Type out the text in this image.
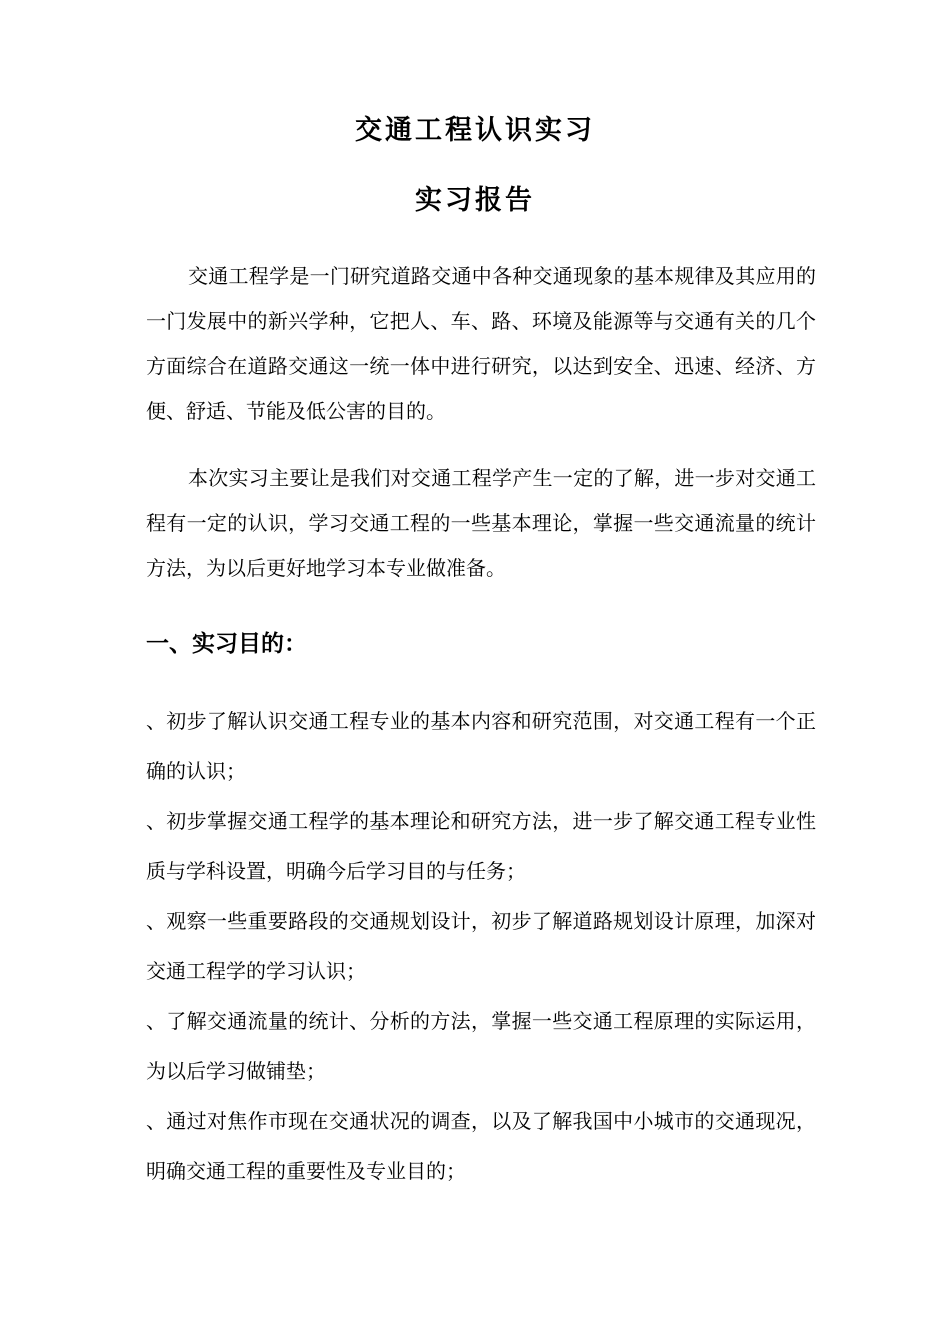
交通工程认识实习
实习报告

交通工程学是一门研究道路交通中各种交通现象的基本规律及其应用的一门发展中的新兴学种，它把人、车、路、环境及能源等与交通有关的几个方面综合在道路交通这一统一体中进行研究，以达到安全、迅速、经济、方便、舒适、节能及低公害的目的。

本次实习主要让是我们对交通工程学产生一定的了解，进一步对交通工程有一定的认识，学习交通工程的一些基本理论，掌握一些交通流量的统计方法，为以后更好地学习本专业做准备。

一、实习目的：
、初步了解认识交通工程专业的基本内容和研究范围，对交通工程有一个正确的认识；
、初步掌握交通工程学的基本理论和研究方法，进一步了解交通工程专业性质与学科设置，明确今后学习目的与任务；
、观察一些重要路段的交通规划设计，初步了解道路规划设计原理，加深对交通工程学的学习认识；
、了解交通流量的统计、分析的方法，掌握一些交通工程原理的实际运用，为以后学习做铺垫；
、通过对焦作市现在交通状况的调查，以及了解我国中小城市的交通现况，明确交通工程的重要性及专业目的；
